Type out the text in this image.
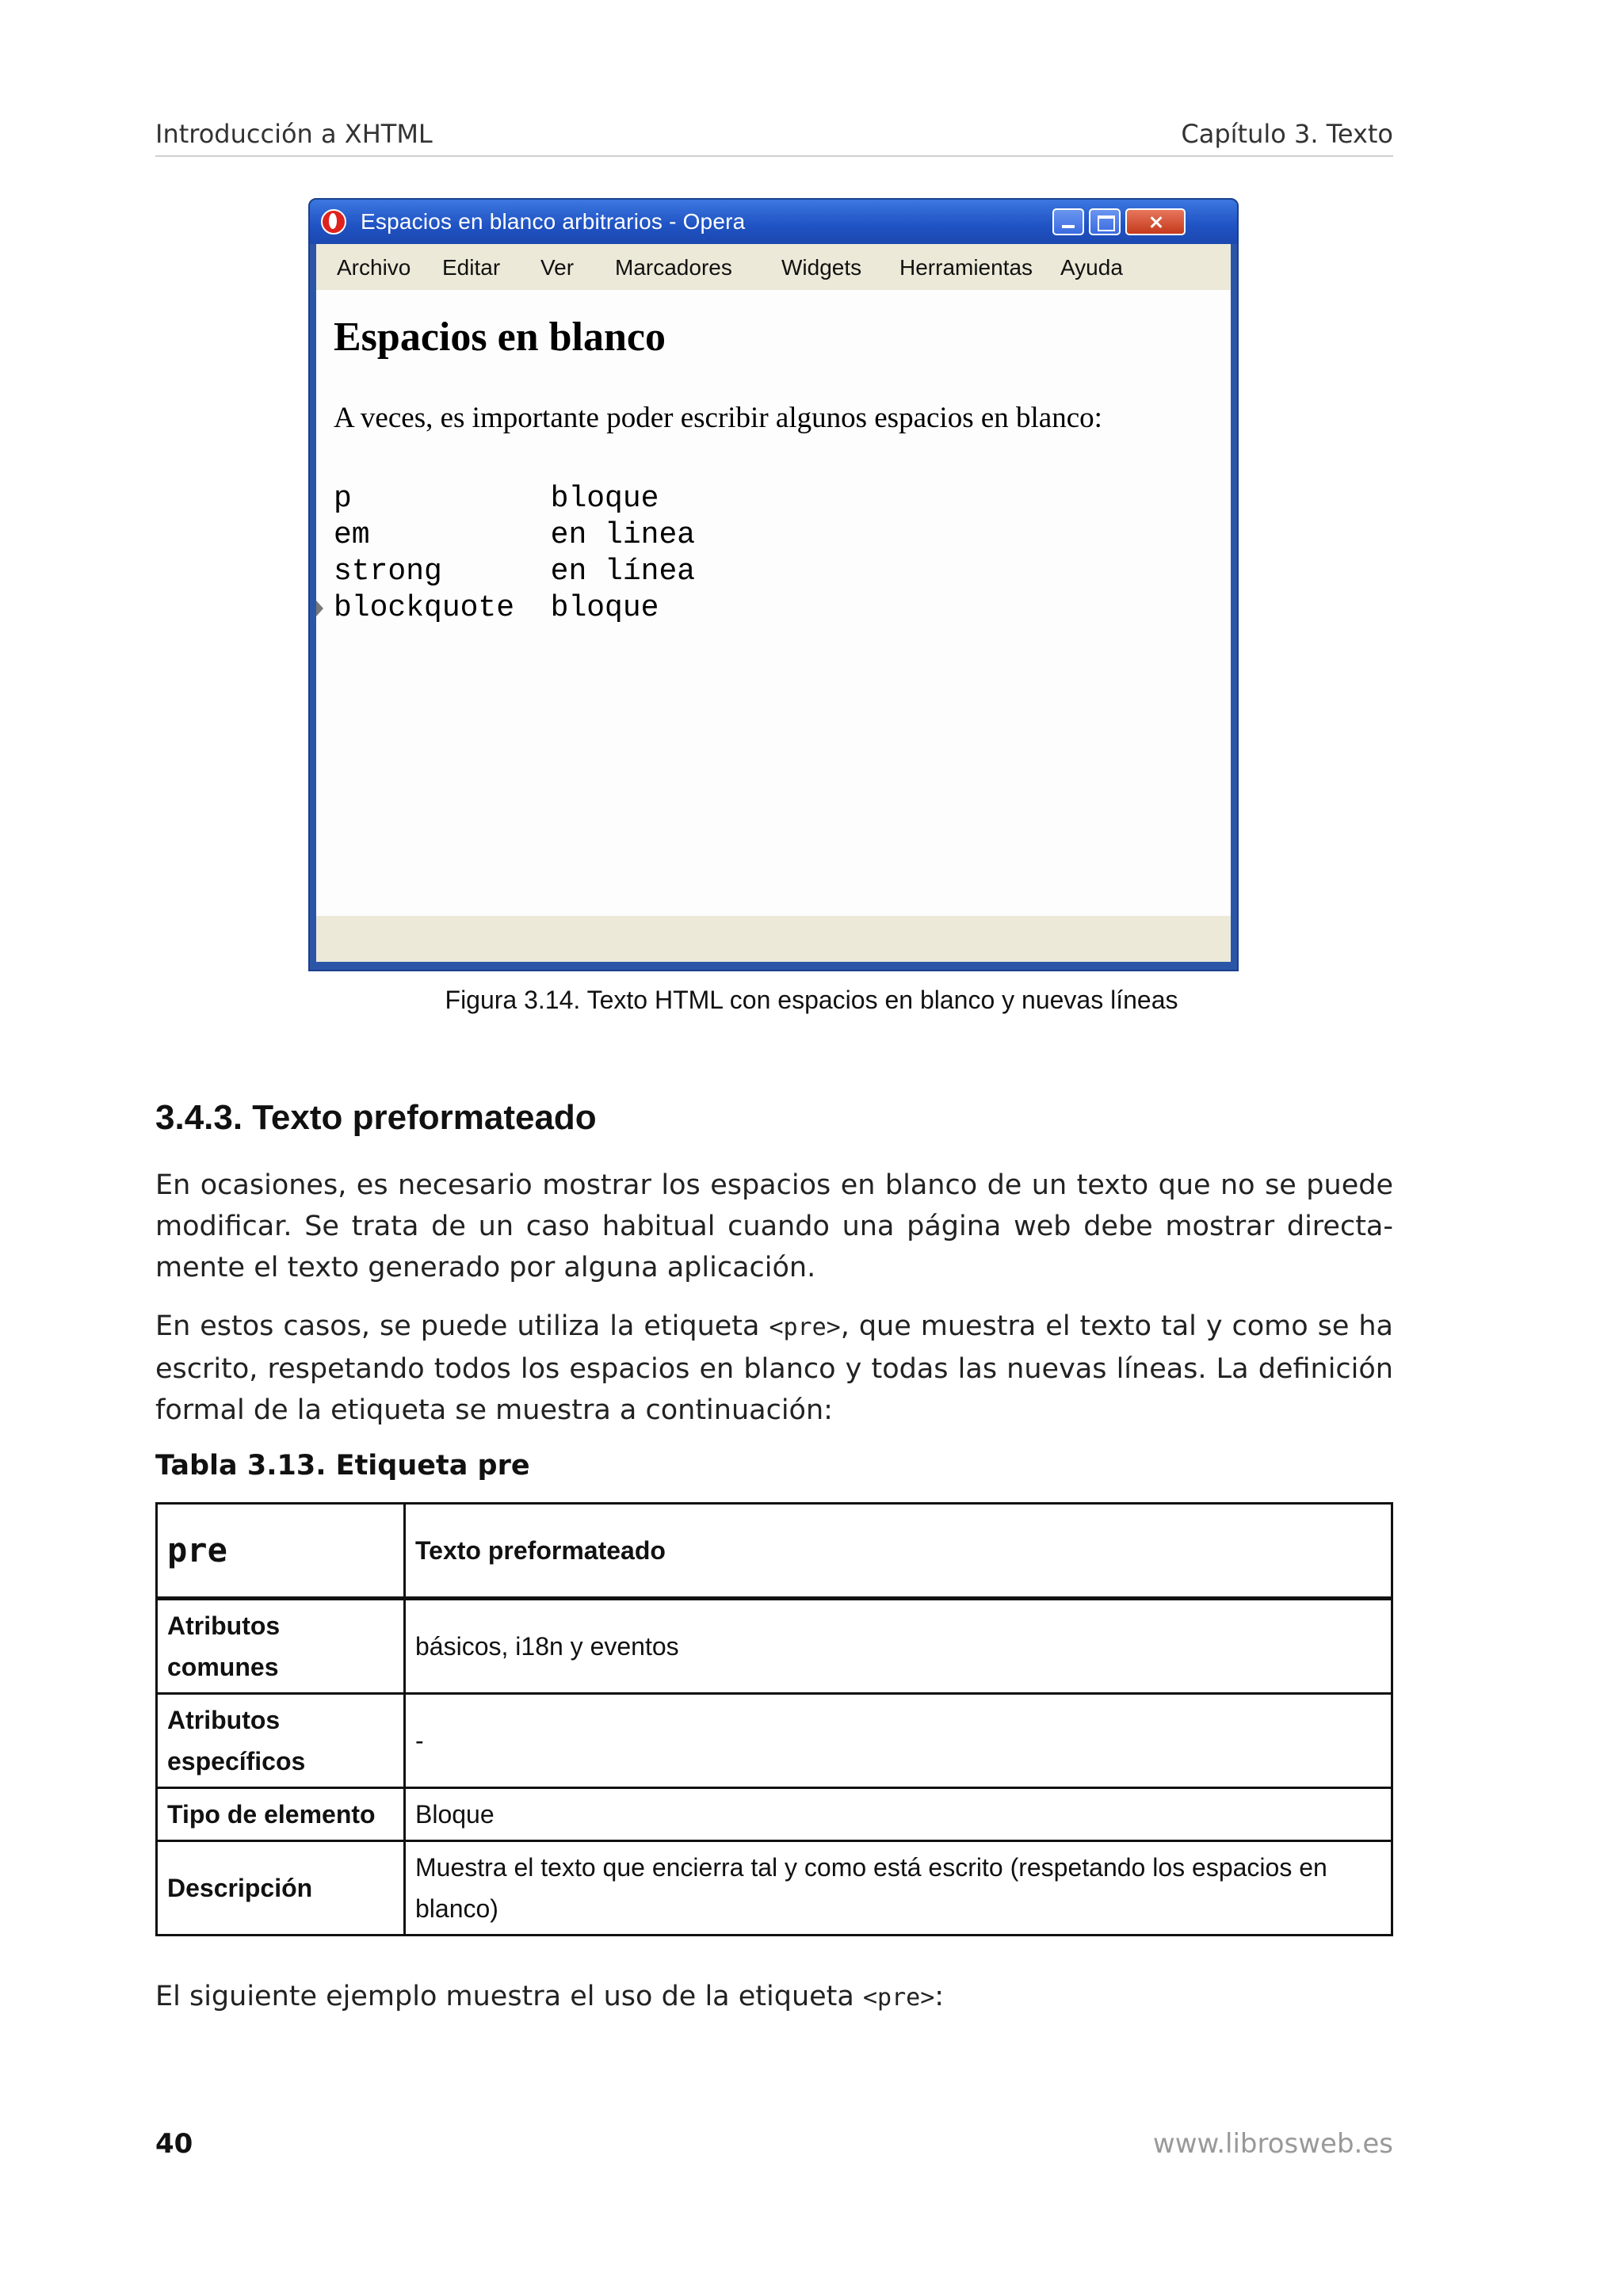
Introducción a XHTML	Capítulo 3. Texto
Espacios en blanco arbitrarios - Opera
Archivo Editar Ver Marcadores Widgets Herramientas Ayuda
Espacios en blanco

A veces, es importante poder escribir algunos espacios en blanco:

p           bloque
em          en linea
strong      en línea
blockquote  bloque
Figura 3.14. Texto HTML con espacios en blanco y nuevas líneas
3.4.3. Texto preformateado

En ocasiones, es necesario mostrar los espacios en blanco de un texto que no se puede modificar. Se trata de un caso habitual cuando una página web debe mostrar directa- mente el texto generado por alguna aplicación.

En estos casos, se puede utiliza la etiqueta <pre>, que muestra el texto tal y como se ha escrito, respetando todos los espacios en blanco y todas las nuevas líneas. La definición formal de la etiqueta se muestra a continuación:

Tabla 3.13. Etiqueta pre

pre	Texto preformateado
Atributos comunes	básicos, i18n y eventos
Atributos específicos	-
Tipo de elemento	Bloque
Descripción	Muestra el texto que encierra tal y como está escrito (respetando los espacios en blanco)

El siguiente ejemplo muestra el uso de la etiqueta <pre>:

40	www.librosweb.es
